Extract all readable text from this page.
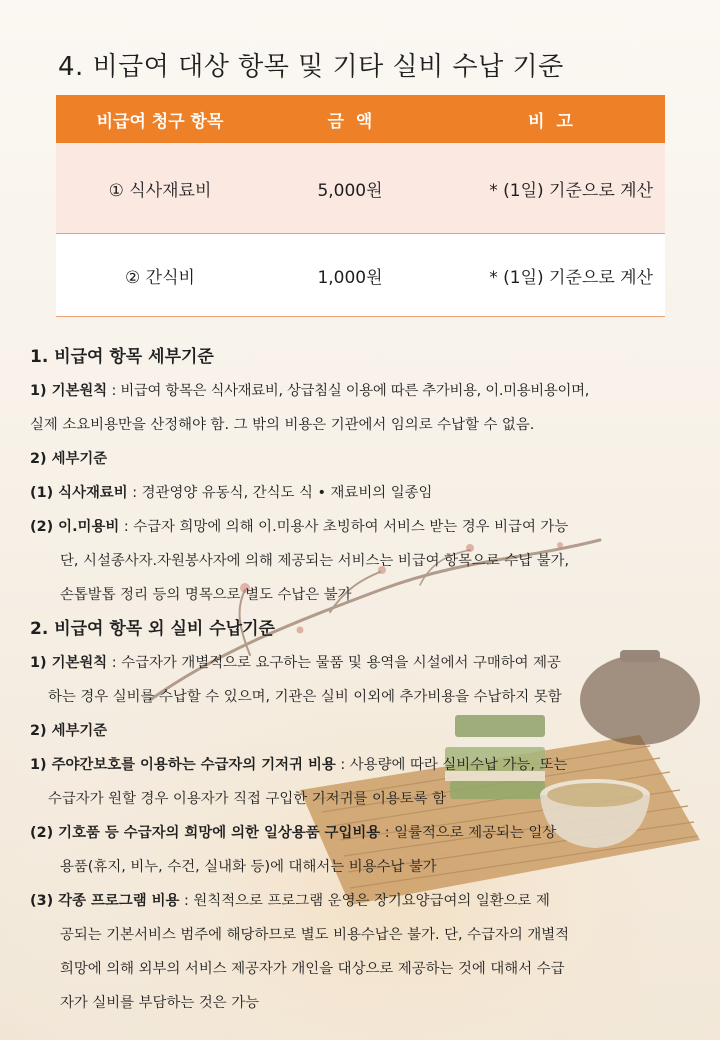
4. 비급여 대상 항목 및 기타 실비 수납 기준
비급여 청구 항목	금  액	비  고
① 식사재료비	5,000원	* (1일) 기준으로 계산
② 간식비	1,000원	* (1일) 기준으로 계산
1. 비급여 항목 세부기준
1) 기본원칙 : 비급여 항목은 식사재료비, 상급침실 이용에 따른 추가비용, 이.미용비용이며,
실제 소요비용만을 산정해야 함. 그 밖의 비용은 기관에서 임의로 수납할 수 없음.
2) 세부기준
(1) 식사재료비 : 경관영양 유동식, 간식도 식 • 재료비의 일종임
(2) 이.미용비 : 수급자 희망에 의해 이.미용사 초빙하여 서비스 받는 경우 비급여 가능
단, 시설종사자.자원봉사자에 의해 제공되는 서비스는 비급여 항목으로 수납 불가,
손톱발톱 정리 등의 명목으로 별도 수납은 불가
2. 비급여 항목 외 실비 수납기준
1) 기본원칙 : 수급자가 개별적으로 요구하는 물품 및 용역을 시설에서 구매하여 제공
하는 경우 실비를 수납할 수 있으며, 기관은 실비 이외에 추가비용을 수납하지 못함
2) 세부기준
1) 주야간보호를 이용하는 수급자의 기저귀 비용 : 사용량에 따라 실비수납 가능, 또는
수급자가 원할 경우 이용자가 직접 구입한 기저귀를 이용토록 함
(2) 기호품 등 수급자의 희망에 의한 일상용품 구입비용 : 일률적으로 제공되는 일상
용품(휴지, 비누, 수건, 실내화 등)에 대해서는 비용수납 불가
(3) 각종 프로그램 비용 : 원칙적으로 프로그램 운영은 장기요양급여의 일환으로 제
공되는 기본서비스 범주에 해당하므로 별도 비용수납은 불가. 단, 수급자의 개별적
희망에 의해 외부의 서비스 제공자가 개인을 대상으로 제공하는 것에 대해서 수급
자가 실비를 부담하는 것은 가능
